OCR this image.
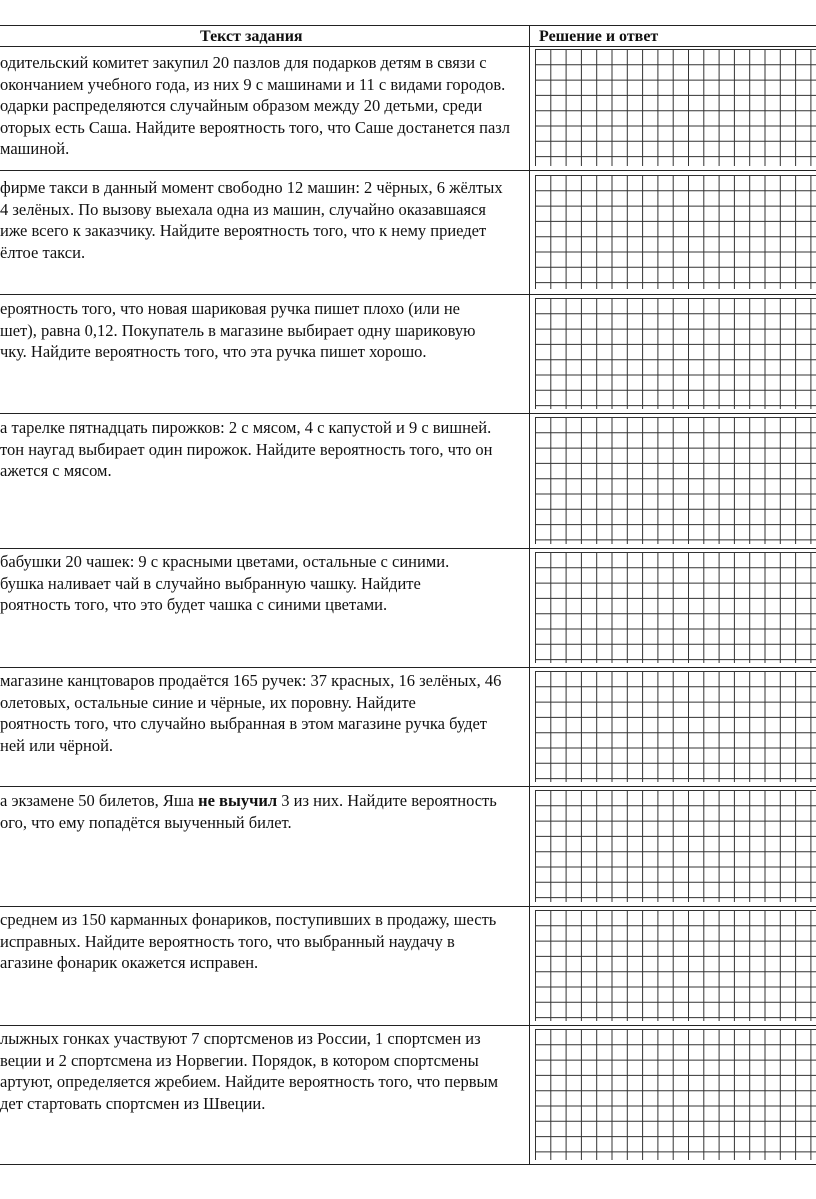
Текст задания	Решение и ответ
одительский комитет закупил 20 пазлов для подарков детям в связи с
окончанием учебного года, из них 9 с машинами и 11 с видами городов.
одарки распределяются случайным образом между 20 детьми, среди
оторых есть Саша. Найдите вероятность того, что Саше достанется пазл
машиной.
фирме такси в данный момент свободно 12 машин: 2 чёрных, 6 жёлтых
4 зелёных. По вызову выехала одна из машин, случайно оказавшаяся
иже всего к заказчику. Найдите вероятность того, что к нему приедет
ёлтое такси.
ероятность того, что новая шариковая ручка пишет плохо (или не
шет), равна 0,12. Покупатель в магазине выбирает одну шариковую
чку. Найдите вероятность того, что эта ручка пишет хорошо.
а тарелке пятнадцать пирожков: 2 с мясом, 4 с капустой и 9 с вишней.
тон наугад выбирает один пирожок. Найдите вероятность того, что он
ажется с мясом.
бабушки 20 чашек: 9 с красными цветами, остальные с синими.
бушка наливает чай в случайно выбранную чашку. Найдите
роятность того, что это будет чашка с синими цветами.
магазине канцтоваров продаётся 165 ручек: 37 красных, 16 зелёных, 46
олетовых, остальные синие и чёрные, их поровну. Найдите
роятность того, что случайно выбранная в этом магазине ручка будет
ней или чёрной.
а экзамене 50 билетов, Яша не выучил 3 из них. Найдите вероятность
ого, что ему попадётся выученный билет.
среднем из 150 карманных фонариков, поступивших в продажу, шесть
исправных. Найдите вероятность того, что выбранный наудачу в
агазине фонарик окажется исправен.
лыжных гонках участвуют 7 спортсменов из России, 1 спортсмен из
веции и 2 спортсмена из Норвегии. Порядок, в котором спортсмены
артуют, определяется жребием. Найдите вероятность того, что первым
дет стартовать спортсмен из Швеции.
